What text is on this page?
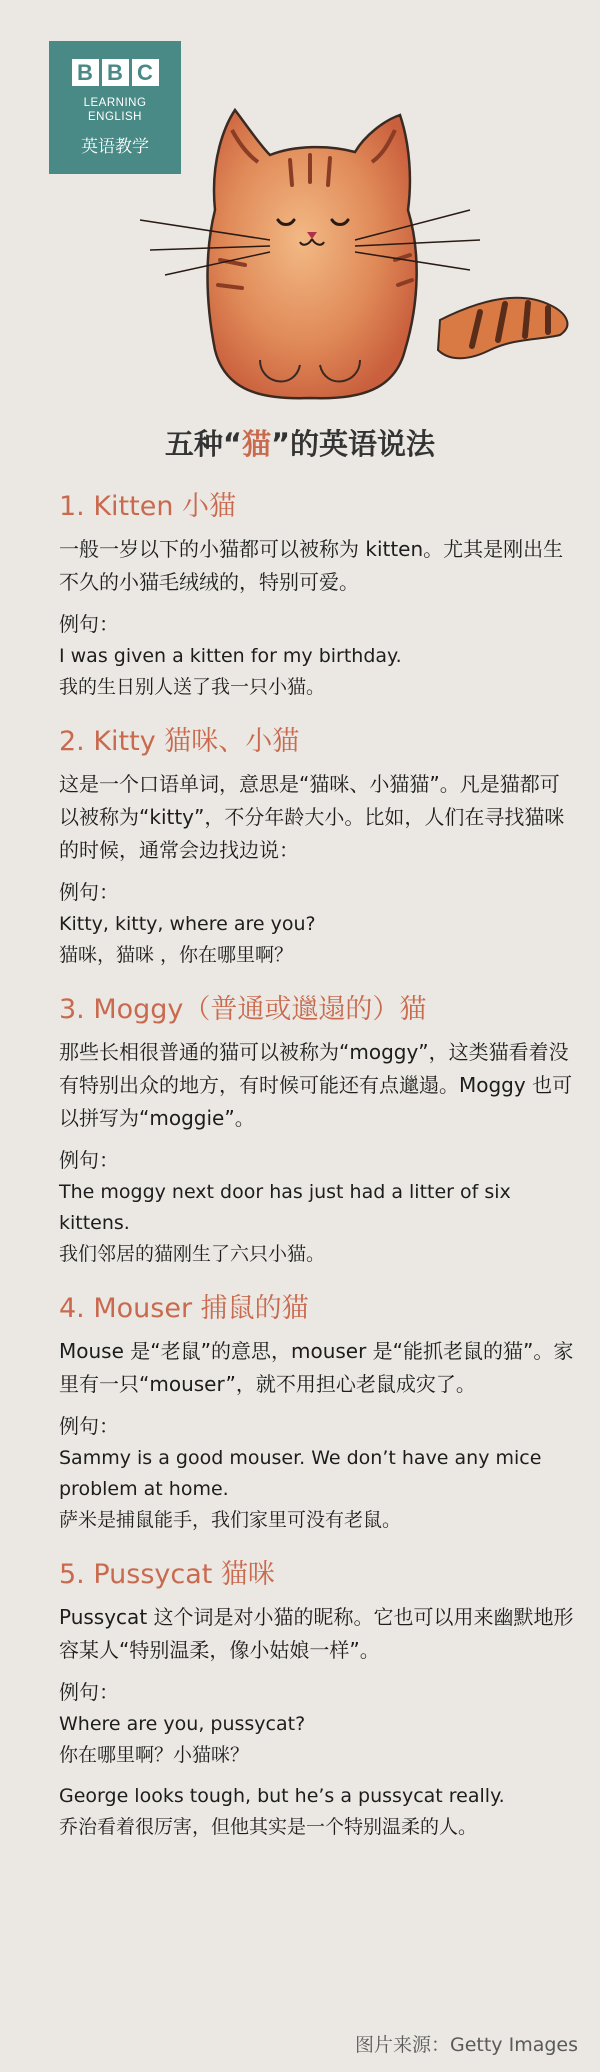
B B C
LEARNING
ENGLISH
英语教学
五种“猫”的英语说法
1. Kitten 小猫

一般一岁以下的小猫都可以被称为 kitten。尤其是刚出生不久的小猫毛绒绒的，特别可爱。

例句：

I was given a kitten for my birthday.

我的生日别人送了我一只小猫。

2. Kitty 猫咪、小猫

这是一个口语单词，意思是“猫咪、小猫猫”。凡是猫都可以被称为“kitty”，不分年龄大小。比如，人们在寻找猫咪的时候，通常会边找边说：

例句：

Kitty, kitty, where are you?

猫咪，猫咪 ，你在哪里啊？

3. Moggy（普通或邋遢的）猫

那些长相很普通的猫可以被称为“moggy”，这类猫看着没有特别出众的地方，有时候可能还有点邋遢。Moggy 也可以拼写为“moggie”。

例句：

The moggy next door has just had a litter of six kittens.

我们邻居的猫刚生了六只小猫。

4. Mouser 捕鼠的猫

Mouse 是“老鼠”的意思，mouser 是“能抓老鼠的猫”。家里有一只“mouser”，就不用担心老鼠成灾了。

例句：

Sammy is a good mouser. We don’t have any mice problem at home.

萨米是捕鼠能手，我们家里可没有老鼠。

5. Pussycat 猫咪

Pussycat 这个词是对小猫的昵称。它也可以用来幽默地形容某人“特别温柔，像小姑娘一样”。

例句：

Where are you, pussycat?

你在哪里啊？小猫咪？

George looks tough, but he’s a pussycat really.

乔治看着很厉害，但他其实是一个特别温柔的人。

图片来源：Getty Images
